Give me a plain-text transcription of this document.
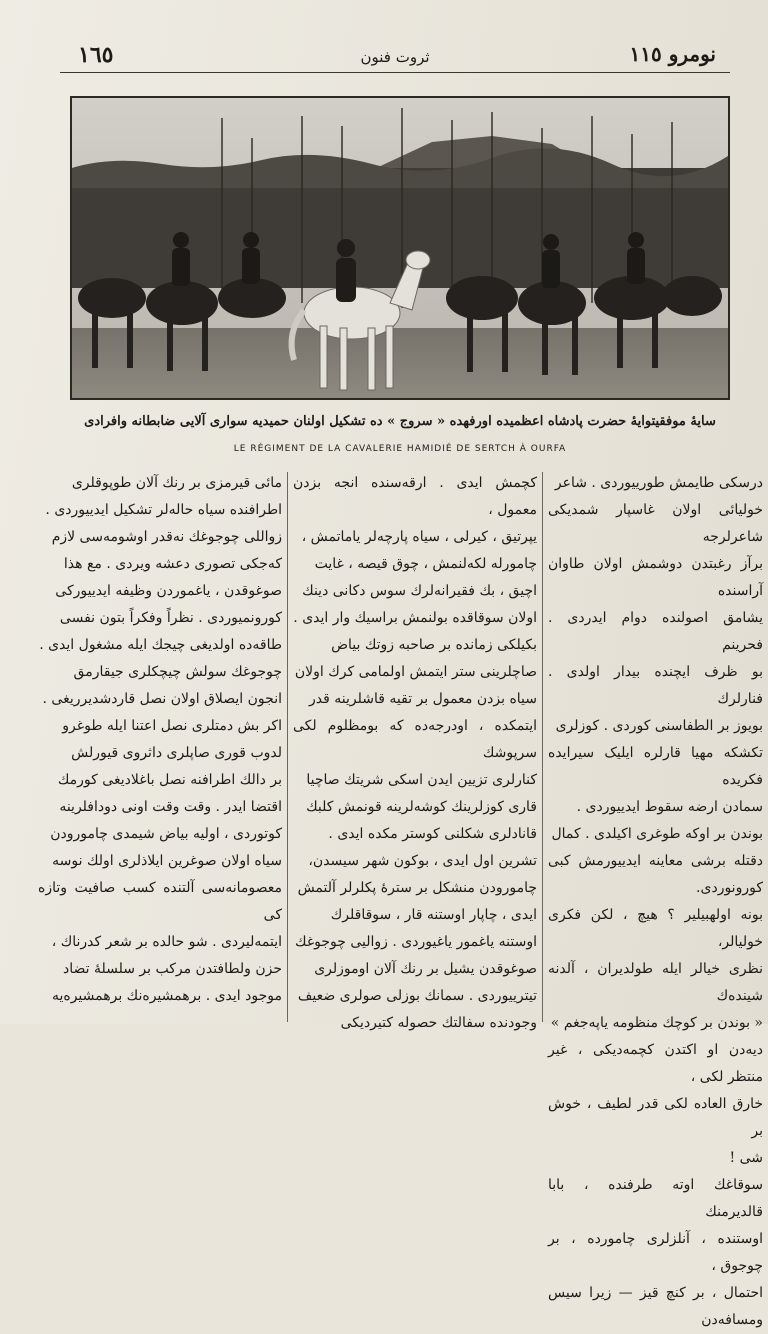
١٦٥	ثروت فنون	نومرو ١١٥
سایهٔ موفقیتوایهٔ حضرت پادشاه اعظمیده اورفهده « سروج » ده تشکیل اولنان حمیدیه سواری آلایی ضابطانه وافرادی
LE RÉGIMENT DE LA CAVALERIE HAMIDIÉ DE SERTCH À OURFA

درسکی طایمش طورییوردی . شاعر

خولیائی اولان غاسپار شمدیکی شاعرلرجه

برآز رغبتدن دوشمش اولان طاوان آراسنده

یشامق اصولنده دوام ایدردی . فحرینم

بو ظرف ایچنده بیدار اولدی . فنارلرك

بویوز بر الطفاسنی کوردی . کوزلری

تکشکه مهیا قارلره ایلیک سیرایده فکریده

سمادن ارضه سقوط ایدییوردی .

بوندن بر اوکه طوغری اکیلدی . کمال

دقتله برشی معاینه ایدییورمش کبی کورونوردی.

بونه اولهبیلیر ؟ هیچ ، لکن فکری خولیالر،

نظری خیالر ایله طولدیران ، آلدنه شینده‌ك

« بوندن بر کوچك منظومه یاپه‌جغم »

دیه‌دن او اکتدن کچمه‌دیکی ، غیر منتظر لکی ،

خارق العاده لکی قدر لطیف ، خوش بر

شی !

سوقاغك اوته طرفنده ، بابا قالدیرمنك

اوستنده ، آنلزلری چامورده ، بر چوجوق ،

احتمال ، بر کنچ قیز — زیرا سیس ومسافه‌دن

کچمش ایدی . ارقه‌سنده انجه بزدن معمول ،

یپرتیق ، کیرلی ، سیاه پارچه‌لر یاماتمش ،

چامورله لکه‌لنمش ، چوق قیصه ، غایت

اچیق ، بك فقیرانه‌لرك سوس دکانی دینك

اولان سوقاقده بولنمش براسیك وار ایدی .

بکیلکی زمانده بر صاحبه زوتك بیاض

صاچلرینی ستر ایتمش اولمامی کرك اولان

سیاه بزدن معمول بر تقیه قاشلرینه قدر

ایتمکده ، اودرجه‌ده که بومظلوم لکی سرپوشك

کنارلری تزیین ایدن اسکی شریتك صاچیا

قاری کوزلرینك کوشه‌لرینه قونمش کلبك

قانادلری شکلنی کوستر مکده ایدی .

تشرین اول ایدی ، بوکون شهر سیسدن،

چامورودن منشکل بر سترهٔ پکلرلر آلتمش

ایدی ، چاپار اوستنه قار ، سوقاقلرك

اوستنه یاغمور یاغیوردی . زوالیی چوجوغك

صوغوقدن یشیل بر رنك آلان اوموزلری

تیترییوردی . سمانك بوزلی صولری ضعیف

وجودنده سفالتك حصوله کتیردیکی

مائی قیرمزی بر رنك آلان طوپوقلری

اطرافنده سیاه حاله‌لر تشکیل ایدییوردی .

زواللی چوجوغك نه‌قدر اوشومه‌سی لازم

که‌جکی تصوری دعشه ویردی . مع هذا

صوغوقدن ، یاغموردن وظیفه ایدییورکی

کورونمیوردی . نظراً وفکراً بتون نفسی

طاقه‌ده اولدیغی چیجك ایله مشغول ایدی .

چوجوغك سولش چیچکلری جیقارمق

انجون ایصلاق اولان نصل قاردشدیرریغی .

اکر بش دمتلری نصل اعتنا ایله طوغرو

لدوب قوری صاپلری داثروی قیورلش

بر دالك اطرافنه نصل باغلادیغی کورمك

اقتضا ایدر . وقت وقت اونی دودافلرینه

کوتوردی ، اولیه بیاض شیمدی چامورودن

سیاه اولان صوغرین ایلاذلری اولك نوسه

معصومانه‌سی آلتنده کسب صافیت وتازه کی

ایتمه‌لیردی . شو حالده بر شعر کدرناك ،

حزن ولطافتدن مرکب بر سلسلهٔ تضاد

موجود ایدی . برهمشیره‌نك برهمشیره‌یه
